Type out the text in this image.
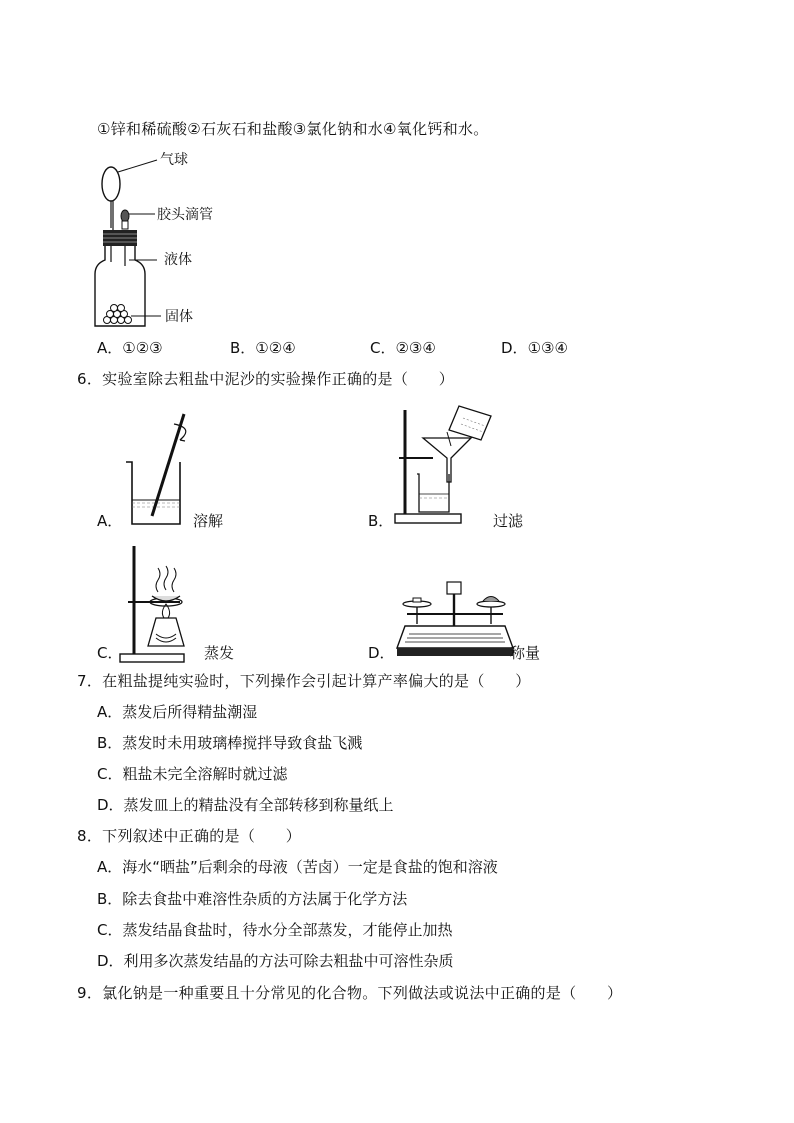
①锌和稀硫酸②石灰石和盐酸③氯化钠和水④氧化钙和水。
气球
胶头滴管
液体
固体
A．①②③	B．①②④	C．②③④	D．①③④
6．实验室除去粗盐中泥沙的实验操作正确的是（　　）
A．	溶解	B．	过滤
C．	蒸发	D．	称量
7．在粗盐提纯实验时，下列操作会引起计算产率偏大的是（　　）
A．蒸发后所得精盐潮湿
B．蒸发时未用玻璃棒搅拌导致食盐飞溅
C．粗盐未完全溶解时就过滤
D．蒸发皿上的精盐没有全部转移到称量纸上
8．下列叙述中正确的是（　　）
A．海水“晒盐”后剩余的母液（苦卤）一定是食盐的饱和溶液
B．除去食盐中难溶性杂质的方法属于化学方法
C．蒸发结晶食盐时，待水分全部蒸发，才能停止加热
D．利用多次蒸发结晶的方法可除去粗盐中可溶性杂质
9．氯化钠是一种重要且十分常见的化合物。下列做法或说法中正确的是（　　）
